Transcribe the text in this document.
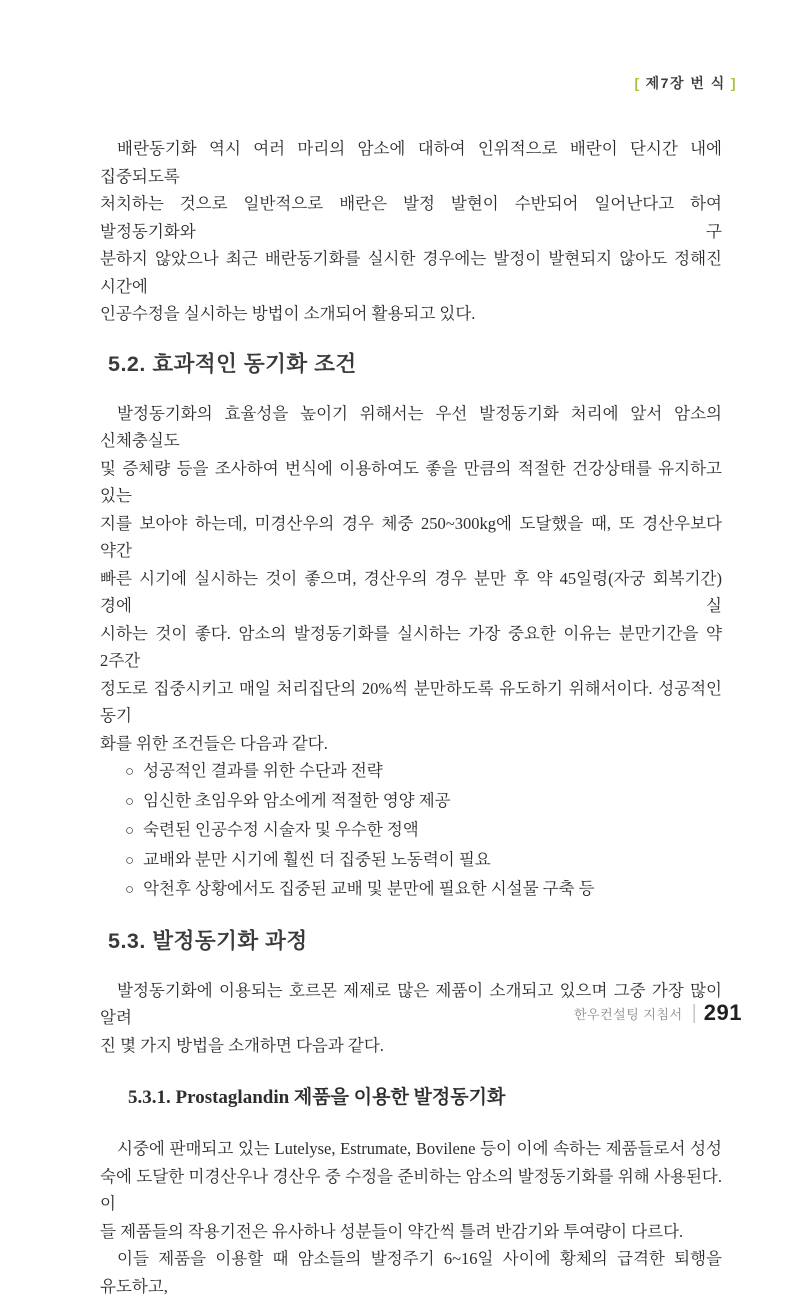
[ 제7장 번 식 ]

배란동기화 역시 여러 마리의 암소에 대하여 인위적으로 배란이 단시간 내에 집중되도록
처치하는 것으로 일반적으로 배란은 발정 발현이 수반되어 일어난다고 하여 발정동기화와 구
분하지 않았으나 최근 배란동기화를 실시한 경우에는 발정이 발현되지 않아도 정해진 시간에
인공수정을 실시하는 방법이 소개되어 활용되고 있다.

5.2. 효과적인 동기화 조건

발정동기화의 효율성을 높이기 위해서는 우선 발정동기화 처리에 앞서 암소의 신체충실도
및 증체량 등을 조사하여 번식에 이용하여도 좋을 만큼의 적절한 건강상태를 유지하고 있는
지를 보아야 하는데, 미경산우의 경우 체중 250~300kg에 도달했을 때, 또 경산우보다 약간
빠른 시기에 실시하는 것이 좋으며, 경산우의 경우 분만 후 약 45일령(자궁 회복기간) 경에 실
시하는 것이 좋다. 암소의 발정동기화를 실시하는 가장 중요한 이유는 분만기간을 약 2주간
정도로 집중시키고 매일 처리집단의 20%씩 분만하도록 유도하기 위해서이다. 성공적인 동기
화를 위한 조건들은 다음과 같다.

○ 성공적인 결과를 위한 수단과 전략
○ 임신한 초임우와 암소에게 적절한 영양 제공
○ 숙련된 인공수정 시술자 및 우수한 정액
○ 교배와 분만 시기에 훨씬 더 집중된 노동력이 필요
○ 악천후 상황에서도 집중된 교배 및 분만에 필요한 시설물 구축 등
5.3. 발정동기화 과정

발정동기화에 이용되는 호르몬 제제로 많은 제품이 소개되고 있으며 그중 가장 많이 알려
진 몇 가지 방법을 소개하면 다음과 같다.

5.3.1. Prostaglandin 제품을 이용한 발정동기화

시중에 판매되고 있는 Lutelyse, Estrumate, Bovilene 등이 이에 속하는 제품들로서 성성
숙에 도달한 미경산우나 경산우 중 수정을 준비하는 암소의 발정동기화를 위해 사용된다. 이
들 제품들의 작용기전은 유사하나 성분들이 약간씩 틀려 반감기와 투여량이 다르다.

이들 제품을 이용할 때 암소들의 발정주기 6~16일 사이에 황체의 급격한 퇴행을 유도하고,

한우컨설팅 지침서 | 291
